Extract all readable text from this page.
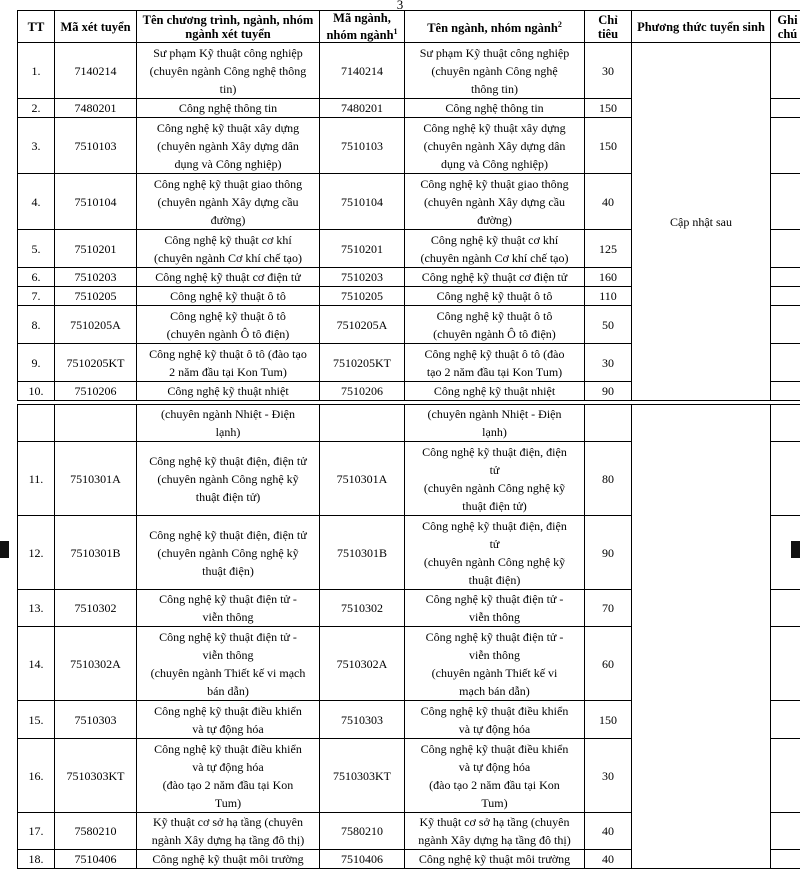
3
TT	Mã xét tuyển	Tên chương trình, ngành, nhóm ngành xét tuyển	Mã ngành, nhóm ngành$^1$	Tên ngành, nhóm ngành$^2$	Chỉ tiêu	Phương thức tuyển sinh	Ghi chú
1.	7140214	Sư phạm Kỹ thuật công nghiệp
(chuyên ngành Công nghệ thông
tin)	7140214	Sư phạm Kỹ thuật công nghiệp
(chuyên ngành Công nghệ
thông tin)	30	Cập nhật sau	
2.	7480201	Công nghệ thông tin	7480201	Công nghệ thông tin	150		
3.	7510103	Công nghệ kỹ thuật xây dựng
(chuyên ngành Xây dựng dân
dụng và Công nghiệp)	7510103	Công nghệ kỹ thuật xây dựng
(chuyên ngành Xây dựng dân
dụng và Công nghiệp)	150		
4.	7510104	Công nghệ kỹ thuật giao thông
(chuyên ngành Xây dựng cầu
đường)	7510104	Công nghệ kỹ thuật giao thông
(chuyên ngành Xây dựng cầu
đường)	40		
5.	7510201	Công nghệ kỹ thuật cơ khí
(chuyên ngành Cơ khí chế tạo)	7510201	Công nghệ kỹ thuật cơ khí
(chuyên ngành Cơ khí chế tạo)	125		
6.	7510203	Công nghệ kỹ thuật cơ điện tử	7510203	Công nghệ kỹ thuật cơ điện tử	160		
7.	7510205	Công nghệ kỹ thuật ô tô	7510205	Công nghệ kỹ thuật ô tô	110		
8.	7510205A	Công nghệ kỹ thuật ô tô
(chuyên ngành Ô tô điện)	7510205A	Công nghệ kỹ thuật ô tô
(chuyên ngành Ô tô điện)	50		
9.	7510205KT	Công nghệ kỹ thuật ô tô (đào tạo
2 năm đầu tại Kon Tum)	7510205KT	Công nghệ kỹ thuật ô tô (đào
tạo 2 năm đầu tại Kon Tum)	30		
10.	7510206	Công nghệ kỹ thuật nhiệt	7510206	Công nghệ kỹ thuật nhiệt	90		
		(chuyên ngành Nhiệt - Điện
lạnh)		(chuyên ngành Nhiệt - Điện
lạnh)			
11.	7510301A	Công nghệ kỹ thuật điện, điện tử
(chuyên ngành Công nghệ kỹ
thuật điện tử)	7510301A	Công nghệ kỹ thuật điện, điện
tử
(chuyên ngành Công nghệ kỹ
thuật điện tử)	80		
12.	7510301B	Công nghệ kỹ thuật điện, điện tử
(chuyên ngành Công nghệ kỹ
thuật điện)	7510301B	Công nghệ kỹ thuật điện, điện
tử
(chuyên ngành Công nghệ kỹ
thuật điện)	90		
13.	7510302	Công nghệ kỹ thuật điện tử -
viễn thông	7510302	Công nghệ kỹ thuật điện tử -
viễn thông	70		
14.	7510302A	Công nghệ kỹ thuật điện tử -
viễn thông
(chuyên ngành Thiết kế vi mạch
bán dẫn)	7510302A	Công nghệ kỹ thuật điện tử -
viễn thông
(chuyên ngành Thiết kế vi
mạch bán dẫn)	60		
15.	7510303	Công nghệ kỹ thuật điều khiển
và tự động hóa	7510303	Công nghệ kỹ thuật điều khiển
và tự động hóa	150		
16.	7510303KT	Công nghệ kỹ thuật điều khiển
và tự động hóa
(đào tạo 2 năm đầu tại Kon
Tum)	7510303KT	Công nghệ kỹ thuật điều khiển
và tự động hóa
(đào tạo 2 năm đầu tại Kon
Tum)	30		
17.	7580210	Kỹ thuật cơ sở hạ tầng (chuyên
ngành Xây dựng hạ tầng đô thị)	7580210	Kỹ thuật cơ sở hạ tầng (chuyên
ngành Xây dựng hạ tầng đô thị)	40		
18.	7510406	Công nghệ kỹ thuật môi trường	7510406	Công nghệ kỹ thuật môi trường	40		
